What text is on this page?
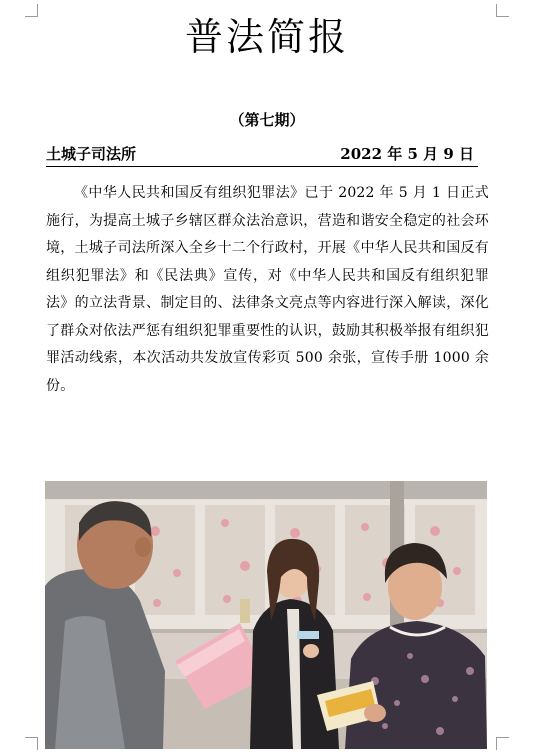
普法简报
（第七期）
土城子司法所	2022 年 5 月 9 日
《中华人民共和国反有组织犯罪法》已于 2022 年 5 月 1 日正式施行，为提高土城子乡辖区群众法治意识，营造和谐安全稳定的社会环境，土城子司法所深入全乡十二个行政村，开展《中华人民共和国反有组织犯罪法》和《民法典》宣传，对《中华人民共和国反有组织犯罪法》的立法背景、制定目的、法律条文亮点等内容进行深入解读，深化了群众对依法严惩有组织犯罪重要性的认识，鼓励其积极举报有组织犯罪活动线索，本次活动共发放宣传彩页 500 余张，宣传手册 1000 余份。
